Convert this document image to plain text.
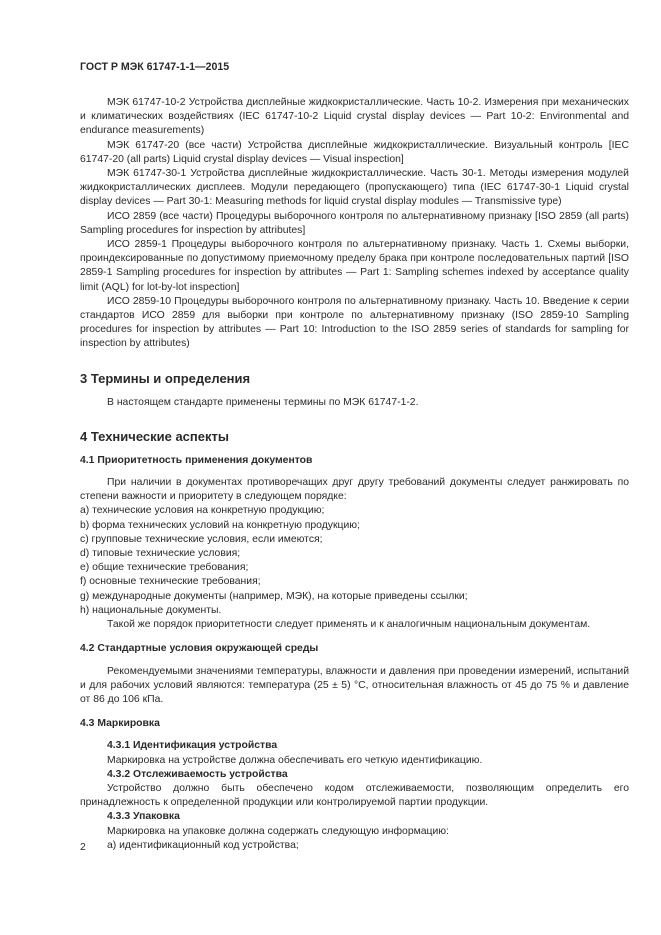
ГОСТ Р МЭК 61747-1-1—2015

МЭК 61747-10-2 Устройства дисплейные жидкокристаллические. Часть 10-2. Измерения при механических и климатических воздействиях (IEC 61747-10-2 Liquid crystal display devices — Part 10-2: Environmental and endurance measurements)

МЭК 61747-20 (все части) Устройства дисплейные жидкокристаллические. Визуальный контроль [IEC 61747-20 (all parts) Liquid crystal display devices — Visual inspection]

МЭК 61747-30-1 Устройства дисплейные жидкокристаллические. Часть 30-1. Методы измерения модулей жидкокристаллических дисплеев. Модули передающего (пропускающего) типа (IEC 61747-30-1 Liquid crystal display devices — Part 30-1: Measuring methods for liquid crystal display modules — Transmissive type)

ИСО 2859 (все части) Процедуры выборочного контроля по альтернативному признаку [ISO 2859 (all parts) Sampling procedures for inspection by attributes]

ИСО 2859-1 Процедуры выборочного контроля по альтернативному признаку. Часть 1. Схемы выборки, проиндексированные по допустимому приемочному пределу брака при контроле последовательных партий [ISO 2859-1 Sampling procedures for inspection by attributes — Part 1: Sampling schemes indexed by acceptance quality limit (AQL) for lot-by-lot inspection]

ИСО 2859-10 Процедуры выборочного контроля по альтернативному признаку. Часть 10. Введение к серии стандартов ИСО 2859 для выборки при контроле по альтернативному признаку (ISO 2859-10 Sampling procedures for inspection by attributes — Part 10: Introduction to the ISO 2859 series of standards for sampling for inspection by attributes)

3 Термины и определения

В настоящем стандарте применены термины по МЭК 61747-1-2.

4 Технические аспекты
4.1 Приоритетность применения документов

При наличии в документах противоречащих друг другу требований документы следует ранжировать по степени важности и приоритету в следующем порядке:

a) технические условия на конкретную продукцию;

b) форма технических условий на конкретную продукцию;

c) групповые технические условия, если имеются;

d) типовые технические условия;

e) общие технические требования;

f) основные технические требования;

g) международные документы (например, МЭК), на которые приведены ссылки;

h) национальные документы.

Такой же порядок приоритетности следует применять и к аналогичным национальным документам.

4.2 Стандартные условия окружающей среды

Рекомендуемыми значениями температуры, влажности и давления при проведении измерений, испытаний и для рабочих условий являются: температура (25 ± 5) °С, относительная влажность от 45 до 75 % и давление от 86 до 106 кПа.

4.3 Маркировка
4.3.1 Идентификация устройства

Маркировка на устройстве должна обеспечивать его четкую идентификацию.

4.3.2 Отслеживаемость устройства

Устройство должно быть обеспечено кодом отслеживаемости, позволяющим определить его принадлежность к определенной продукции или контролируемой партии продукции.

4.3.3 Упаковка

Маркировка на упаковке должна содержать следующую информацию:

a) идентификационный код устройства;

2
